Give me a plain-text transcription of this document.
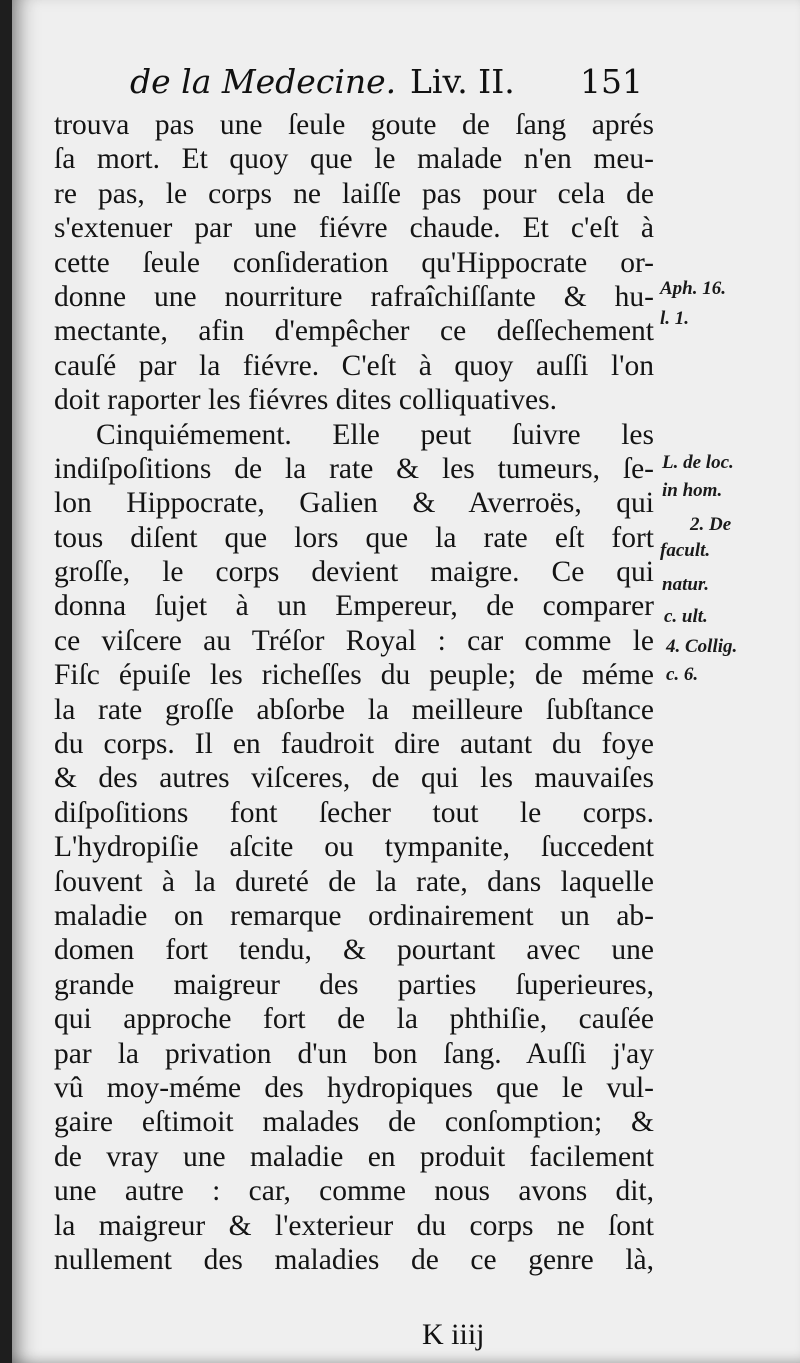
de la Medecine. Liv. II. 151
trouva pas une ſeule goute de ſang aprés
ſa mort. Et quoy que le malade n'en meu-
re pas, le corps ne laiſſe pas pour cela de
s'extenuer par une fiévre chaude. Et c'eſt à
cette ſeule conſideration qu'Hippocrate or-
donne une nourriture rafraîchiſſante & hu-
mectante, afin d'empêcher ce deſſechement
cauſé par la fiévre. C'eſt à quoy auſſi l'on
doit raporter les fiévres dites colliquatives.
Cinquiémement. Elle peut ſuivre les
indiſpoſitions de la rate & les tumeurs, ſe-
lon Hippocrate, Galien & Averroës, qui
tous diſent que lors que la rate eſt fort
groſſe, le corps devient maigre. Ce qui
donna ſujet à un Empereur, de comparer
ce viſcere au Tréſor Royal : car comme le
Fiſc épuiſe les richeſſes du peuple; de méme
la rate groſſe abſorbe la meilleure ſubſtance
du corps. Il en faudroit dire autant du foye
& des autres viſceres, de qui les mauvaiſes
diſpoſitions font ſecher tout le corps.
L'hydropiſie aſcite ou tympanite, ſuccedent
ſouvent à la dureté de la rate, dans laquelle
maladie on remarque ordinairement un ab-
domen fort tendu, & pourtant avec une
grande maigreur des parties ſuperieures,
qui approche fort de la phthiſie, cauſée
par la privation d'un bon ſang. Auſſi j'ay
vû moy-méme des hydropiques que le vul-
gaire eſtimoit malades de conſomption; &
de vray une maladie en produit facilement
une autre : car, comme nous avons dit,
la maigreur & l'exterieur du corps ne ſont
nullement des maladies de ce genre là,
Aph. 16.
l. 1.
L. de loc.
in hom.
2. De
facult.
natur.
c. ult.
4. Collig.
c. 6.
K iiij
